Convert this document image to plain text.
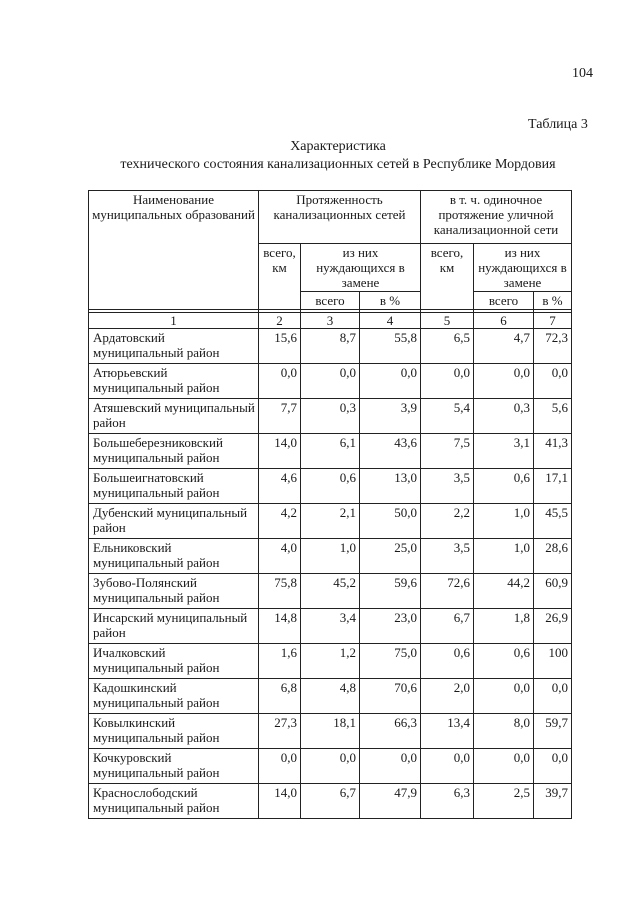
104
Таблица 3
Характеристика
технического состояния канализационных сетей в Республике Мордовия
Наименование муниципальных образований	Протяженность канализационных сетей			в т. ч. одиночное протяжение уличной канализационной сети		
	всего, км	из них нуждающихся в замене		всего, км	из них нуждающихся в замене	
		всего	в %		всего	в %

1	2	3	4	5	6	7
Ардатовский муниципальный район	15,6	8,7	55,8	6,5	4,7	72,3
Атюрьевский муниципальный район	0,0	0,0	0,0	0,0	0,0	0,0
Атяшевский муниципальный район	7,7	0,3	3,9	5,4	0,3	5,6
Большеберезниковский муниципальный район	14,0	6,1	43,6	7,5	3,1	41,3
Большеигнатовский муниципальный район	4,6	0,6	13,0	3,5	0,6	17,1
Дубенский муниципальный район	4,2	2,1	50,0	2,2	1,0	45,5
Ельниковский муниципальный район	4,0	1,0	25,0	3,5	1,0	28,6
Зубово-Полянский муниципальный район	75,8	45,2	59,6	72,6	44,2	60,9
Инсарский муниципальный район	14,8	3,4	23,0	6,7	1,8	26,9
Ичалковский муниципальный район	1,6	1,2	75,0	0,6	0,6	100
Кадошкинский муниципальный район	6,8	4,8	70,6	2,0	0,0	0,0
Ковылкинский муниципальный район	27,3	18,1	66,3	13,4	8,0	59,7
Кочкуровский муниципальный район	0,0	0,0	0,0	0,0	0,0	0,0
Краснослободский муниципальный район	14,0	6,7	47,9	6,3	2,5	39,7
